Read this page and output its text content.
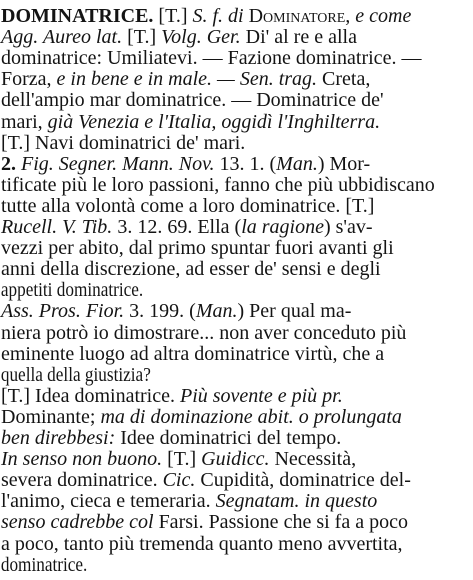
DOMINATRICE. [T.] S. f. di Dominatore, e come
Agg. Aureo lat. [T.] Volg. Ger. Di' al re e alla
dominatrice: Umiliatevi. — Fazione dominatrice. —
Forza, e in bene e in male. — Sen. trag. Creta,
dell'ampio mar dominatrice. — Dominatrice de'
mari, già Venezia e l'Italia, oggidì l'Inghilterra.
[T.] Navi dominatrici de' mari.
2. Fig. Segner. Mann. Nov. 13. 1. (Man.) Mor-
tificate più le loro passioni, fanno che più ubbidiscano
tutte alla volontà come a loro dominatrice. [T.]
Rucell. V. Tib. 3. 12. 69. Ella (la ragione) s'av-
vezzi per abito, dal primo spuntar fuori avanti gli
anni della discrezione, ad esser de' sensi e degli
appetiti dominatrice.
Ass. Pros. Fior. 3. 199. (Man.) Per qual ma-
niera potrò io dimostrare... non aver conceduto più
eminente luogo ad altra dominatrice virtù, che a
quella della giustizia?
[T.] Idea dominatrice. Più sovente e più pr.
Dominante; ma di dominazione abit. o prolungata
ben direbbesi: Idee dominatrici del tempo.
In senso non buono. [T.] Guidicc. Necessità,
severa dominatrice. Cic. Cupidità, dominatrice del-
l'animo, cieca e temeraria. Segnatam. in questo
senso cadrebbe col Farsi. Passione che si fa a poco
a poco, tanto più tremenda quanto meno avvertita,
dominatrice.
